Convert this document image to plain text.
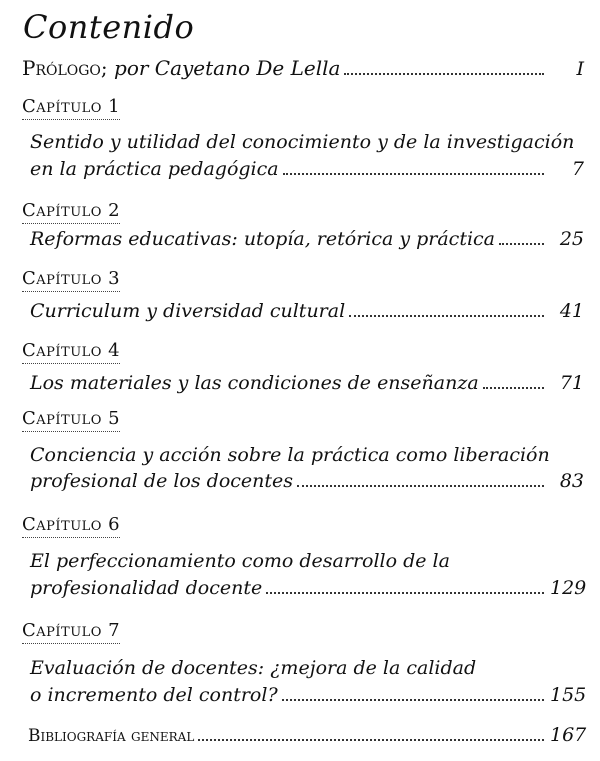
Contenido
Prólogo; por Cayetano De Lella	I
Capítulo 1
Sentido y utilidad del conocimiento y de la investigación
en la práctica pedagógica	7
Capítulo 2
Reformas educativas: utopía, retórica y práctica	25
Capítulo 3
Curriculum y diversidad cultural	41
Capítulo 4
Los materiales y las condiciones de enseñanza	71
Capítulo 5
Conciencia y acción sobre la práctica como liberación
profesional de los docentes	83
Capítulo 6
El perfeccionamiento como desarrollo de la
profesionalidad docente	129
Capítulo 7
Evaluación de docentes: ¿mejora de la calidad
o incremento del control?	155
Bibliografía general	167
